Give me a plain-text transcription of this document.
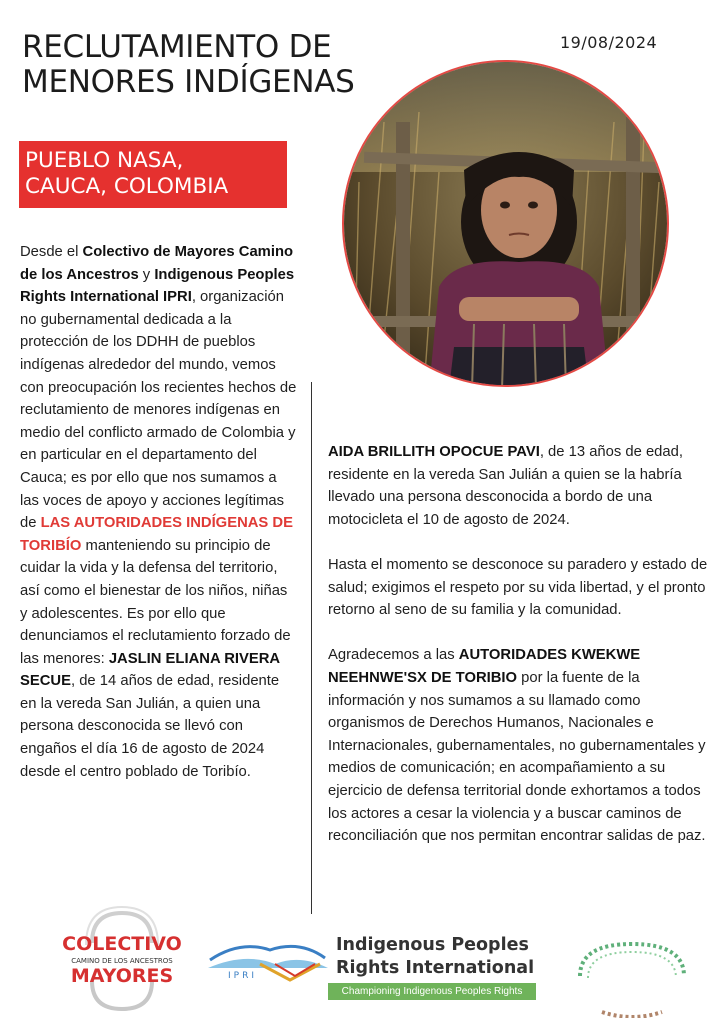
RECLUTAMIENTO DE
MENORES INDÍGENAS
19/08/2024
PUEBLO NASA,
CAUCA, COLOMBIA

Desde el Colectivo de Mayores Camino de los Ancestros y Indigenous Peoples Rights International IPRI, organización no gubernamental dedicada a la protección de los DDHH de pueblos indígenas alrededor del mundo, vemos con preocupación los recientes hechos de reclutamiento de menores indígenas en medio del conflicto armado de Colombia y en particular en el departamento del Cauca; es por ello que nos sumamos a las voces de apoyo y acciones legítimas de LAS AUTORIDADES INDÍGENAS DE TORIBÍO manteniendo su principio de cuidar la vida y la defensa del territorio, así como el bienestar de los niños, niñas y adolescentes. Es por ello que denunciamos el reclutamiento forzado de las menores: JASLIN ELIANA RIVERA SECUE, de 14 años de edad, residente en la vereda San Julián, a quien una persona desconocida se llevó con engaños el día 16 de agosto de 2024 desde el centro poblado de Toribío.

AIDA BRILLITH OPOCUE PAVI, de 13 años de edad, residente en la vereda San Julián a quien se la habría llevado una persona desconocida a bordo de una motocicleta el 10 de agosto de 2024.

Hasta el momento se desconoce su paradero y estado de salud; exigimos el respeto por su vida libertad, y el pronto retorno al seno de su familia y la comunidad.

Agradecemos a las AUTORIDADES KWEKWE NEEHNWE'SX DE TORIBIO por la fuente de la información y nos sumamos a su llamado como organismos de Derechos Humanos, Nacionales e Internacionales, gubernamentales, no gubernamentales y medios de comunicación; en acompañamiento a su ejercicio de defensa territorial donde exhortamos a todos los actores a cesar la violencia y a buscar caminos de reconciliación que nos permitan encontrar salidas de paz.

COLECTIVO
CAMINO DE LOS ANCESTROS
MAYORES	IPRI
Indigenous Peoples
Rights International
Championing Indigenous Peoples Rights
